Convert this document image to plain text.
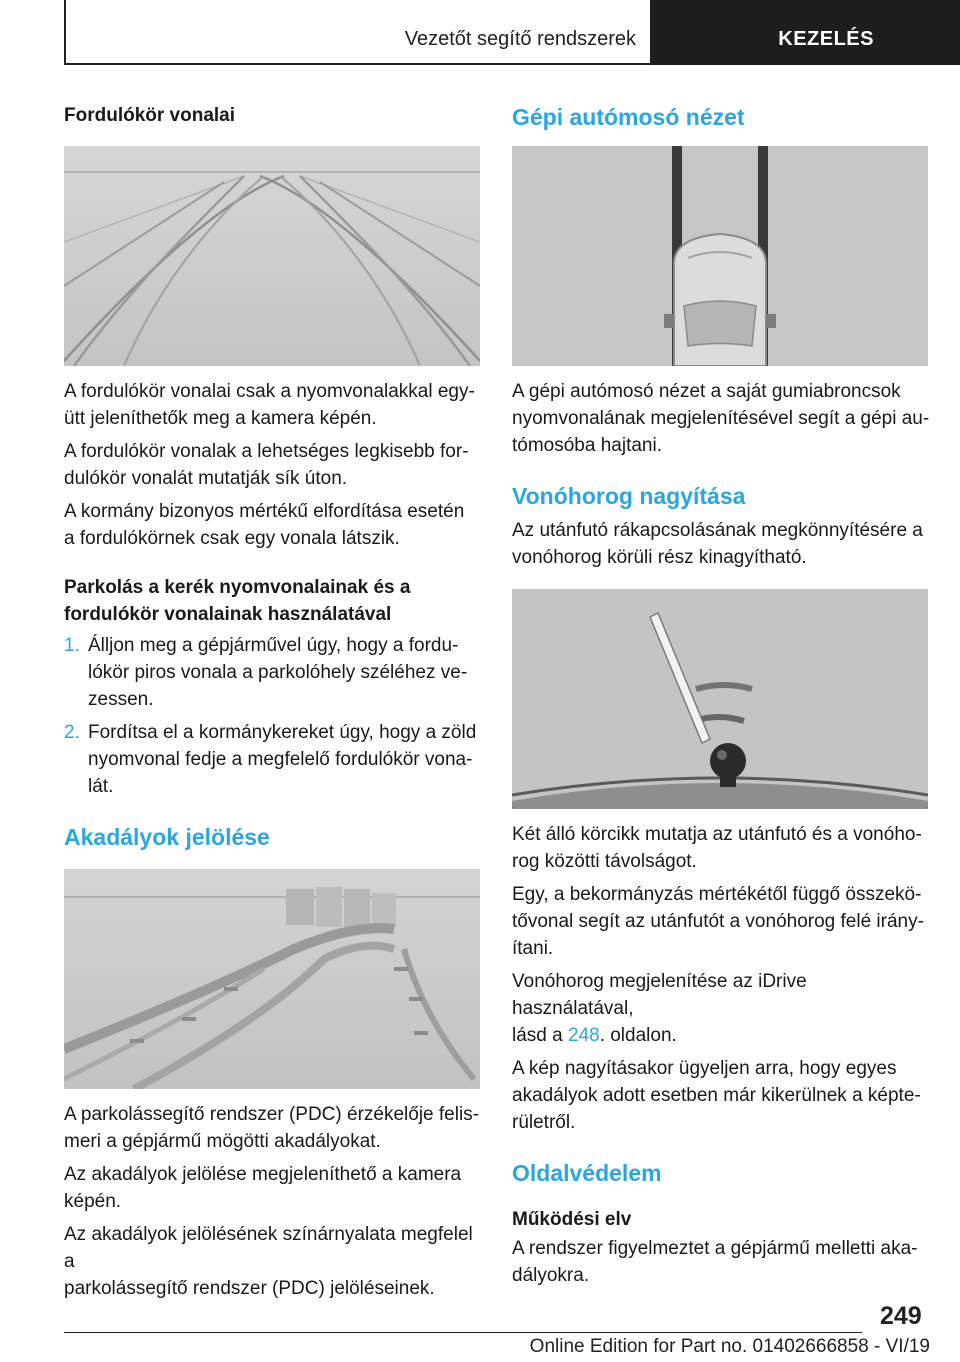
Vezetőt segítő rendszerek	KEZELÉS
Fordulókör vonalai
A fordulókör vonalai csak a nyomvonalakkal egy-
ütt jeleníthetők meg a kamera képén.
A fordulókör vonalak a lehetséges legkisebb for-
dulókör vonalát mutatják sík úton.
A kormány bizonyos mértékű elfordítása esetén
a fordulókörnek csak egy vonala látszik.
Parkolás a kerék nyomvonalainak és a
fordulókör vonalainak használatával
1. Álljon meg a gépjárművel úgy, hogy a fordu-
lókör piros vonala a parkolóhely széléhez ve-
zessen.
2. Fordítsa el a kormánykereket úgy, hogy a zöld
nyomvonal fedje a megfelelő fordulókör vona-
lát.
Akadályok jelölése
A parkolássegítő rendszer (PDC) érzékelője felis-
meri a gépjármű mögötti akadályokat.
Az akadályok jelölése megjeleníthető a kamera
képén.
Az akadályok jelölésének színárnyalata megfelel a
parkolássegítő rendszer (PDC) jelöléseinek.
Gépi autómosó nézet
A gépi autómosó nézet a saját gumiabroncsok
nyomvonalának megjelenítésével segít a gépi au-
tómosóba hajtani.
Vonóhorog nagyítása
Az utánfutó rákapcsolásának megkönnyítésére a
vonóhorog körüli rész kinagyítható.
Két álló körcikk mutatja az utánfutó és a vonóho-
rog közötti távolságot.
Egy, a bekormányzás mértékétől függő összekö-
tővonal segít az utánfutót a vonóhorog felé irány-
ítani.
Vonóhorog megjelenítése az iDrive használatával,
lásd a 248. oldalon.
A kép nagyításakor ügyeljen arra, hogy egyes
akadályok adott esetben már kikerülnek a képte-
rületről.
Oldalvédelem
Működési elv
A rendszer figyelmeztet a gépjármű melletti aka-
dályokra.
249
Online Edition for Part no. 01402666858 - VI/19
